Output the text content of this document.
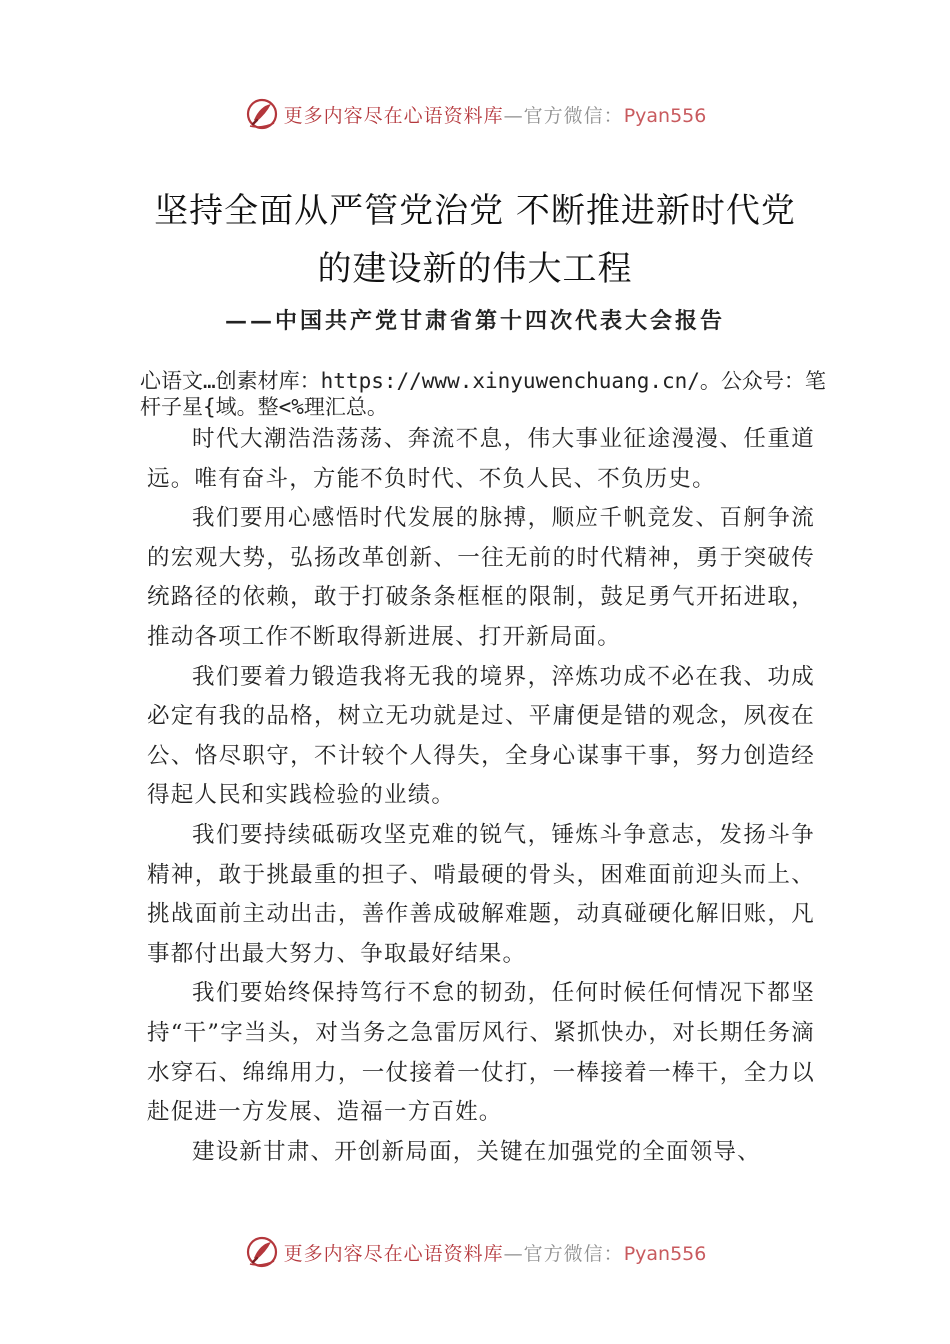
更多内容尽在心语资料库—官方微信：Pyan556
坚持全面从严管党治党 不断推进新时代党
的建设新的伟大工程
——中国共产党甘肃省第十四次代表大会报告
心语文…创素材库：https://www.xinyuwenchuang.cn/。公众号：笔杆子星{域。整<%理汇总。

时代大潮浩浩荡荡、奔流不息，伟大事业征途漫漫、任重道远。唯有奋斗，方能不负时代、不负人民、不负历史。

我们要用心感悟时代发展的脉搏，顺应千帆竞发、百舸争流的宏观大势，弘扬改革创新、一往无前的时代精神，勇于突破传统路径的依赖，敢于打破条条框框的限制，鼓足勇气开拓进取，推动各项工作不断取得新进展、打开新局面。

我们要着力锻造我将无我的境界，淬炼功成不必在我、功成必定有我的品格，树立无功就是过、平庸便是错的观念，夙夜在公、恪尽职守，不计较个人得失，全身心谋事干事，努力创造经得起人民和实践检验的业绩。

我们要持续砥砺攻坚克难的锐气，锤炼斗争意志，发扬斗争精神，敢于挑最重的担子、啃最硬的骨头，困难面前迎头而上、挑战面前主动出击，善作善成破解难题，动真碰硬化解旧账，凡事都付出最大努力、争取最好结果。

我们要始终保持笃行不怠的韧劲，任何时候任何情况下都坚持“干”字当头，对当务之急雷厉风行、紧抓快办，对长期任务滴水穿石、绵绵用力，一仗接着一仗打，一棒接着一棒干，全力以赴促进一方发展、造福一方百姓。

建设新甘肃、开创新局面，关键在加强党的全面领导、

更多内容尽在心语资料库—官方微信：Pyan556
